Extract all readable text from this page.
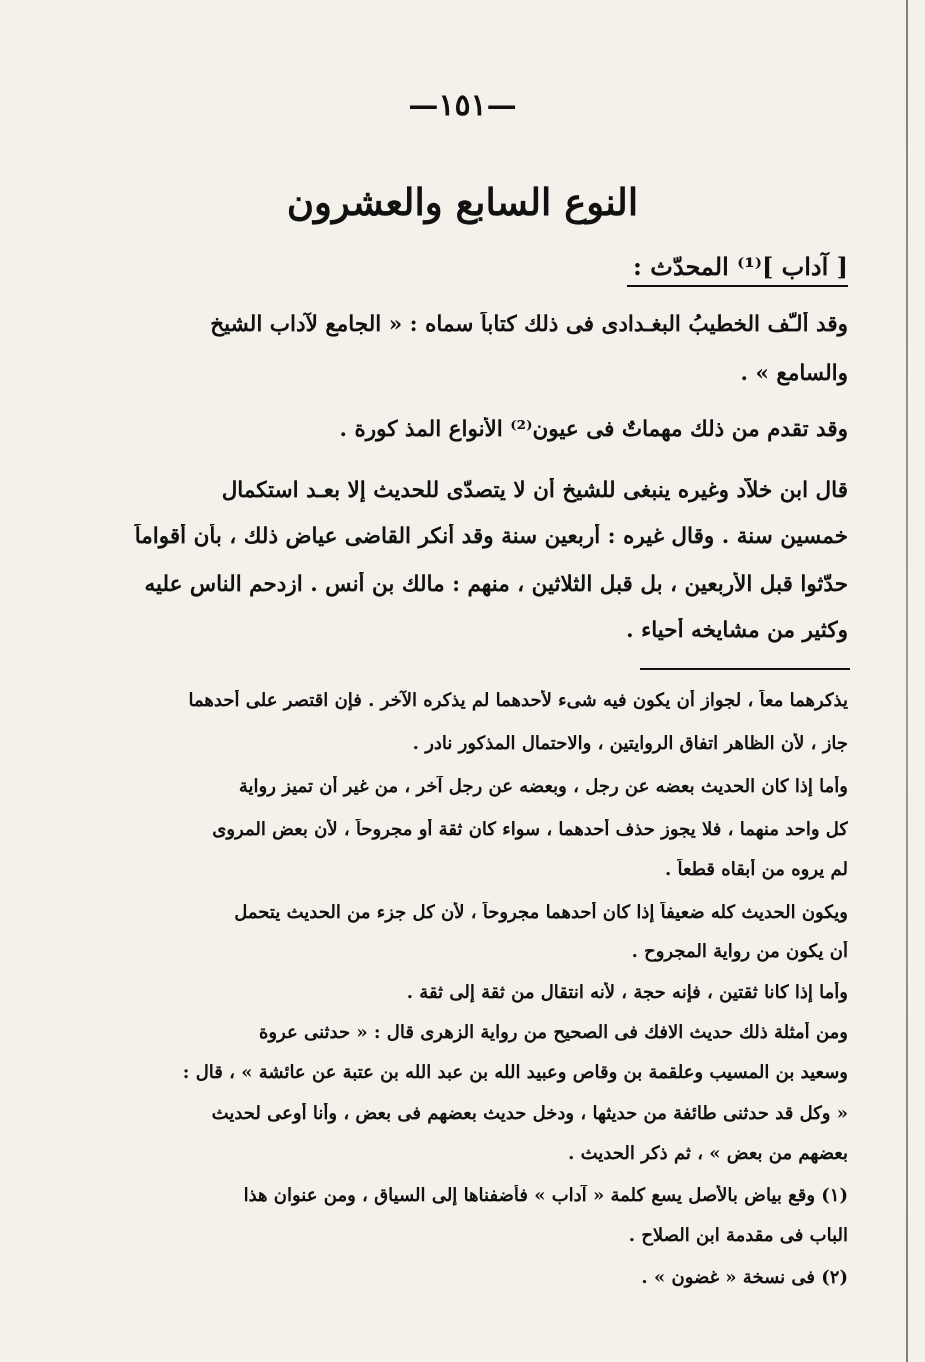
—١٥١—
النوع السابع والعشرون
[ آداب ]⁽¹⁾ المحدّث :
وقد ألـّف الخطيبُ البغـدادى فى ذلك كتاباً سماه : « الجامع لآداب الشيخ
والسامع » .
وقد تقدم من ذلك مهماتٌ فى عيون⁽²⁾ الأنواع المذ كورة .
قال ابن خلاّد وغيره ينبغى للشيخ أن لا يتصدّى للحديث إلا بعـد استكمال
خمسين سنة . وقال غيره : أربعين سنة وقد أنكر القاضى عياض ذلك ، بأن أقواماً
حدّثوا قبل الأربعين ، بل قبل الثلاثين ، منهم : مالك بن أنس . ازدحم الناس عليه
وكثير من مشايخه أحياء .
يذكرهما معاً ، لجواز أن يكون فيه شىء لأحدهما لم يذكره الآخر . فإن اقتصر على أحدهما
جاز ، لأن الظاهر اتفاق الروايتين ، والاحتمال المذكور نادر .
وأما إذا كان الحديث بعضه عن رجل ، وبعضه عن رجل آخر ، من غير أن تميز رواية
كل واحد منهما ، فلا يجوز حذف أحدهما ، سواء كان ثقة أو مجروحاً ، لأن بعض المروى
لم يروه من أبقاه قطعاً .
ويكون الحديث كله ضعيفاً إذا كان أحدهما مجروحاً ، لأن كل جزء من الحديث يتحمل
أن يكون من رواية المجروح .
وأما إذا كانا ثقتين ، فإنه حجة ، لأنه انتقال من ثقة إلى ثقة .
ومن أمثلة ذلك حديث الافك فى الصحيح من رواية الزهرى قال : « حدثنى عروة
وسعيد بن المسيب وعلقمة بن وقاص وعبيد الله بن عبد الله بن عتبة عن عائشة » ، قال :
« وكل قد حدثنى طائفة من حديثها ، ودخل حديث بعضهم فى بعض ، وأنا أوعى لحديث
بعضهم من بعض » ، ثم ذكر الحديث .
(١) وقع بياض بالأصل يسع كلمة « آداب » فأضفناها إلى السياق ، ومن عنوان هذا
الباب فى مقدمة ابن الصلاح .
(٢) فى نسخة « غضون » .
